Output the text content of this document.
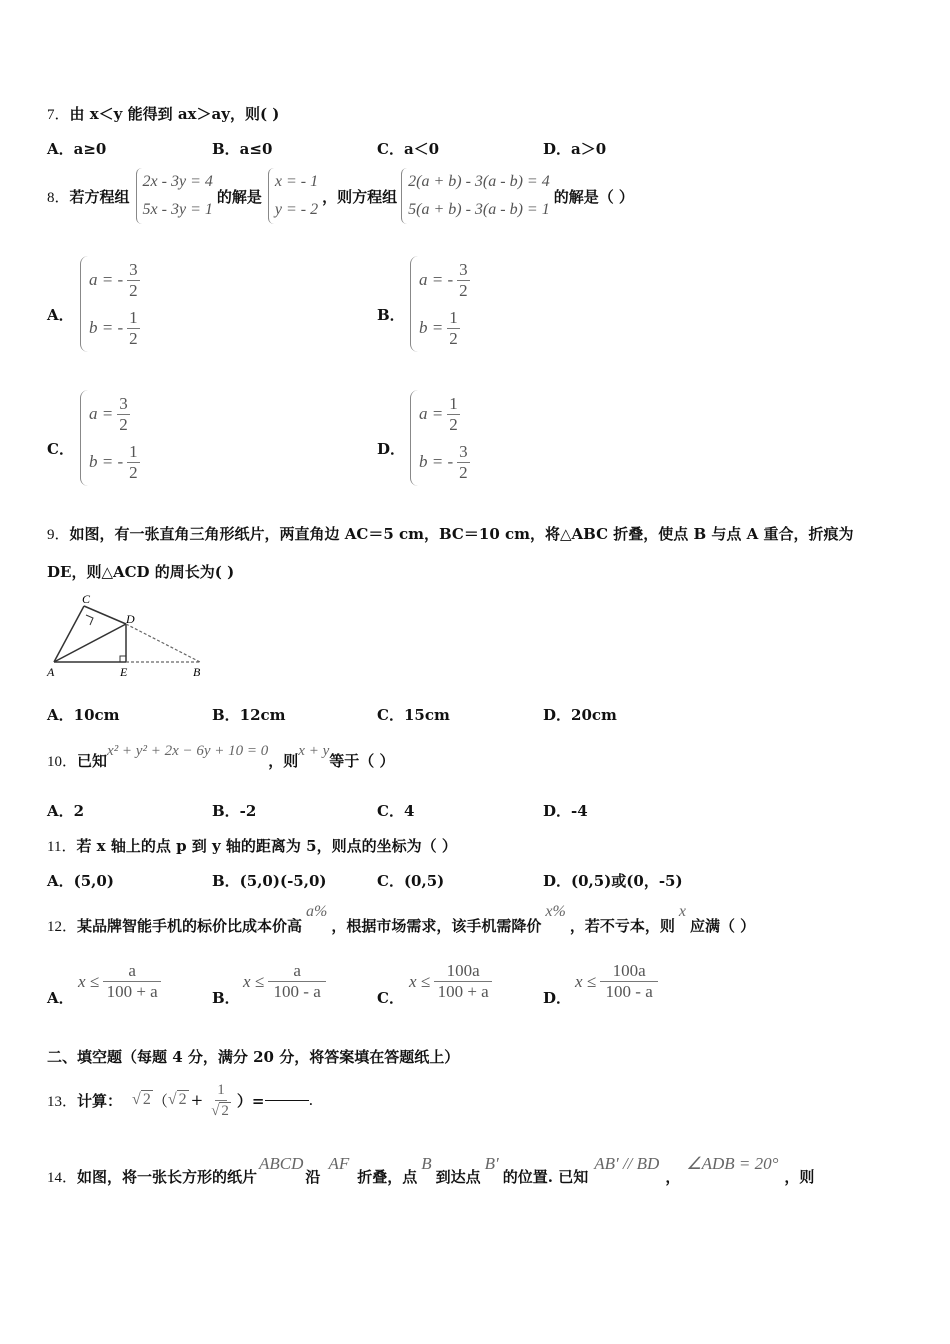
7．由 x＜y 能得到 ax＞ay，则( )
A．a≥0	B．a≤0	C．a＜0	D．a＞0
8． 若方程组
2x - 3y = 4
5x - 3y = 1
的解是
x = - 1
y = - 2
，则方程组
2(a + b) - 3(a - b) = 4
5(a + b) - 3(a - b) = 1
的解是（ ）
A．
a = - $\frac{3}{2}$
b = - $\frac{1}{2}$	B．
a = - $\frac{3}{2}$
$b = \frac{1}{2}$
C．
$a = \frac{3}{2}$
b = - $\frac{1}{2}$	D．
$a = \frac{1}{2}$
b = - $\frac{3}{2}$
9．如图，有一张直角三角形纸片，两直角边 AC＝5 cm，BC＝10 cm，将△ABC 折叠，使点 B 与点 A 重合，折痕为
DE，则△ACD 的周长为( )
C
D
A	E	B
A．10cm	B．12cm	C．15cm	D．20cm
10． 已知
x² + y² + 2x − 6y + 10 = 0
，则
x + y
等于（ ）
A．2	B．-2	C．4	D．-4
11．若 x 轴上的点 p 到 y 轴的距离为 5，则点的坐标为（ ）
A．(5,0)	B．(5,0)(-5,0)	C．(0,5)	D．(0,5)或(0，-5)
12． 某品牌智能手机的标价比成本价高
a%
，根据市场需求，该手机需降价
x%
，若不亏本，则
x
应满（ ）
A．
$x \le \frac{a}{100 + a}$	B．
$x \le \frac{a}{100 - a}$	C．
$x \le \frac{100a}{100 + a}$	D．
$x \le \frac{100a}{100 - a}$
二、填空题（每题 4 分，满分 20 分，将答案填在答题纸上）
13． 计算： √ 2 （ √ $2 + \frac{1}{√ 2}$ ）=	.
14． 如图，将一张长方形的纸片
ABCD
沿
AF
折叠，点
B
到达点
B′
的位置. 已知
AB′ // BD
，
∠ADB = 20°
，则
